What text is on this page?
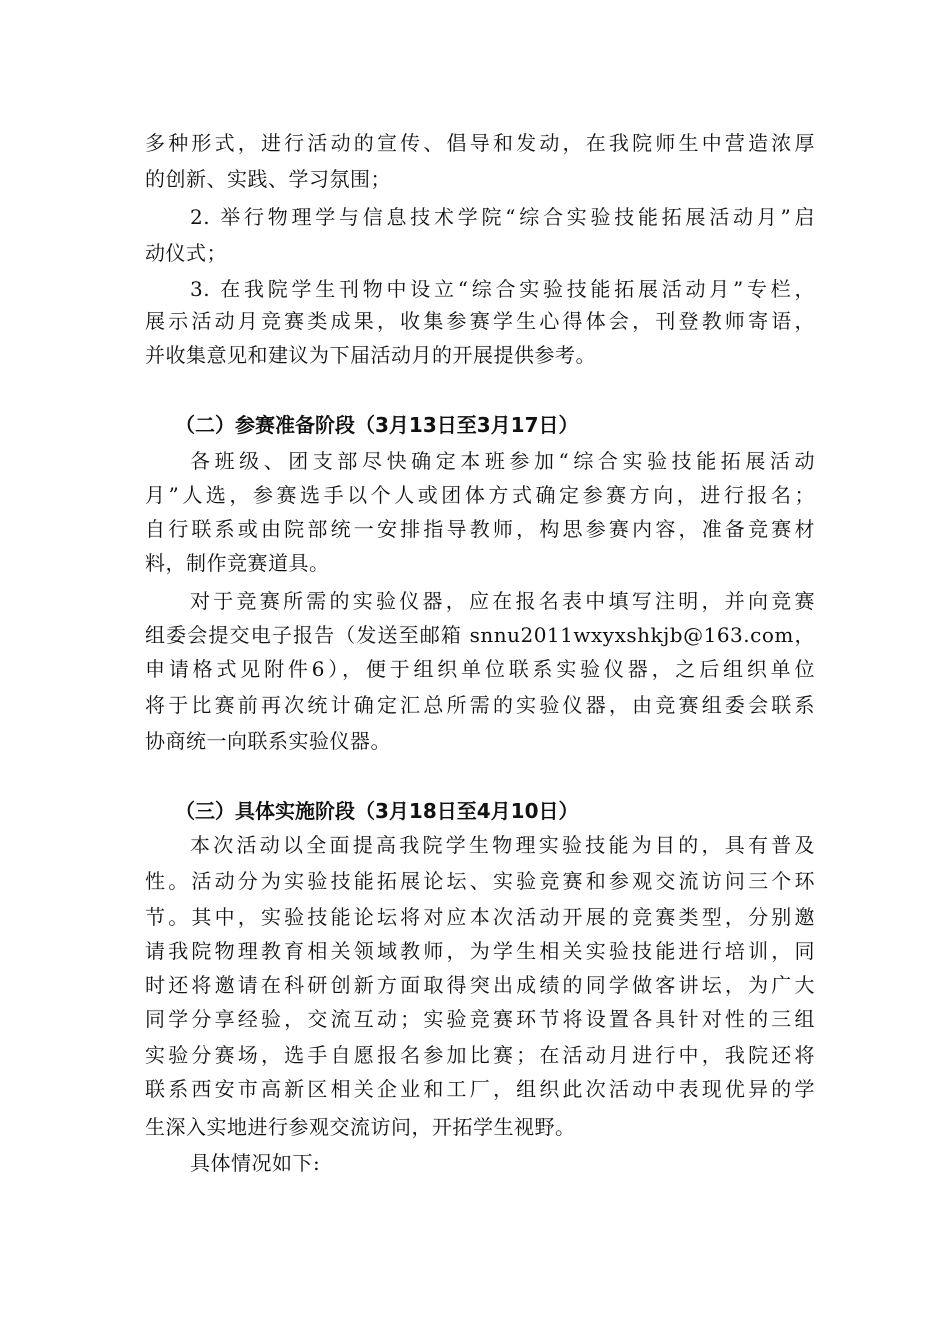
多种形式，进行活动的宣传、倡导和发动，在我院师生中营造浓厚
的创新、实践、学习氛围；
2. 举行物理学与信息技术学院“综合实验技能拓展活动月”启
动仪式；
3. 在我院学生刊物中设立“综合实验技能拓展活动月”专栏，
展示活动月竞赛类成果，收集参赛学生心得体会，刊登教师寄语，
并收集意见和建议为下届活动月的开展提供参考。
（二）参赛准备阶段（3月13日至3月17日）
各班级、团支部尽快确定本班参加“综合实验技能拓展活动
月”人选，参赛选手以个人或团体方式确定参赛方向，进行报名；
自行联系或由院部统一安排指导教师，构思参赛内容，准备竞赛材
料，制作竞赛道具。
对于竞赛所需的实验仪器，应在报名表中填写注明，并向竞赛
组委会提交电子报告（发送至邮箱 snnu2011wxyxshkjb@163.com，
申请格式见附件6），便于组织单位联系实验仪器，之后组织单位
将于比赛前再次统计确定汇总所需的实验仪器，由竞赛组委会联系
协商统一向联系实验仪器。
（三）具体实施阶段（3月18日至4月10日）
本次活动以全面提高我院学生物理实验技能为目的，具有普及
性。活动分为实验技能拓展论坛、实验竞赛和参观交流访问三个环
节。其中，实验技能论坛将对应本次活动开展的竞赛类型，分别邀
请我院物理教育相关领域教师，为学生相关实验技能进行培训，同
时还将邀请在科研创新方面取得突出成绩的同学做客讲坛，为广大
同学分享经验，交流互动；实验竞赛环节将设置各具针对性的三组
实验分赛场，选手自愿报名参加比赛；在活动月进行中，我院还将
联系西安市高新区相关企业和工厂，组织此次活动中表现优异的学
生深入实地进行参观交流访问，开拓学生视野。
具体情况如下:
